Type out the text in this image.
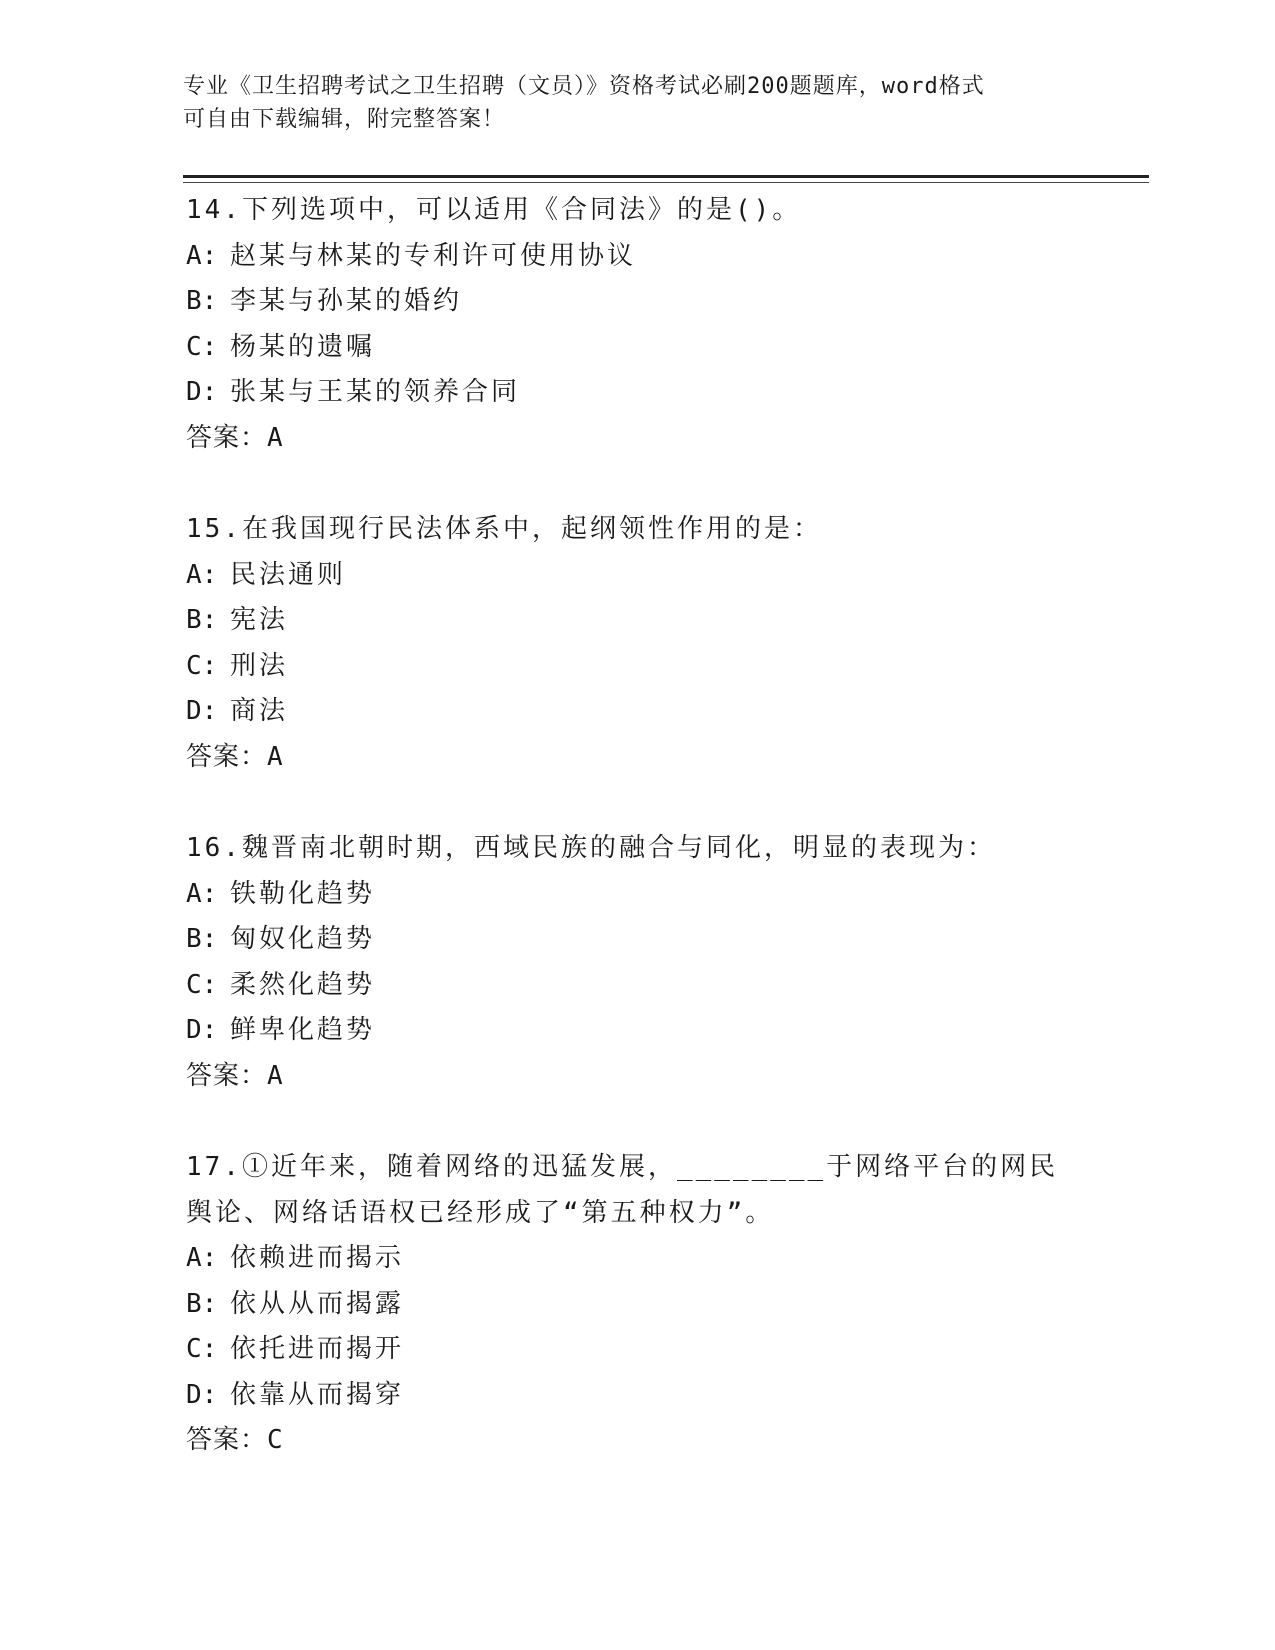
专业《卫生招聘考试之卫生招聘（文员）》资格考试必刷200题题库，word格式
可自由下载编辑，附完整答案！
14.下列选项中，可以适用《合同法》的是()。
A: 赵某与林某的专利许可使用协议
B: 李某与孙某的婚约
C: 杨某的遗嘱
D: 张某与王某的领养合同
答案：A
15.在我国现行民法体系中，起纲领性作用的是：
A: 民法通则
B: 宪法
C: 刑法
D: 商法
答案：A
16.魏晋南北朝时期，西域民族的融合与同化，明显的表现为：
A: 铁勒化趋势
B: 匈奴化趋势
C: 柔然化趋势
D: 鲜卑化趋势
答案：A
17.①近年来，随着网络的迅猛发展，________于网络平台的网民舆论、网络话语权已经形成了“第五种权力”。
A: 依赖进而揭示
B: 依从从而揭露
C: 依托进而揭开
D: 依靠从而揭穿
答案：C
